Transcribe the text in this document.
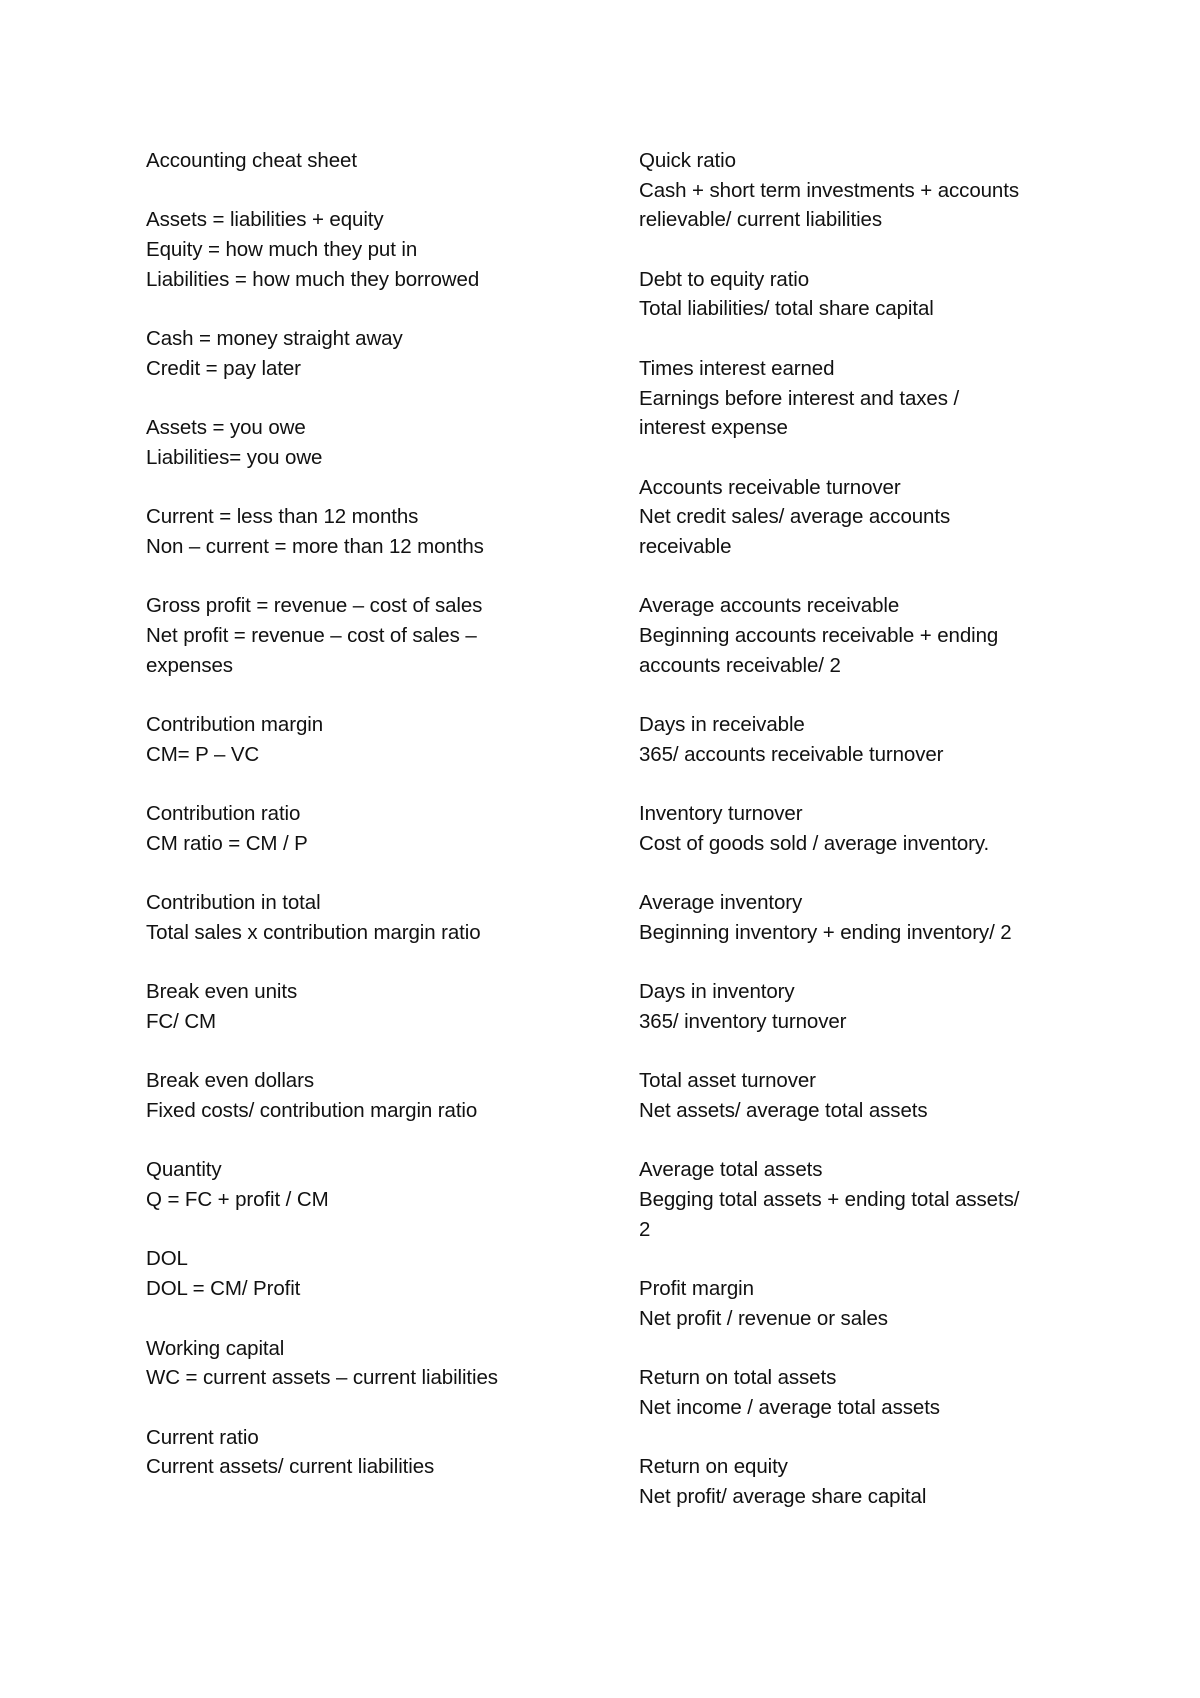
Accounting cheat sheet
Assets = liabilities + equity
Equity = how much they put in
Liabilities = how much they borrowed
Cash = money straight away
Credit = pay later
Assets = you owe
Liabilities= you owe
Current = less than 12 months
Non – current = more than 12 months
Gross profit = revenue – cost of sales
Net profit = revenue – cost of sales –
expenses
Contribution margin
CM= P – VC
Contribution ratio
CM ratio = CM / P
Contribution in total
Total sales x contribution margin ratio
Break even units
FC/ CM
Break even dollars
Fixed costs/ contribution margin ratio
Quantity
Q = FC + profit / CM
DOL
DOL = CM/ Profit
Working capital
WC = current assets – current liabilities
Current ratio
Current assets/ current liabilities
Quick ratio
Cash + short term investments + accounts
relievable/ current liabilities
Debt to equity ratio
Total liabilities/ total share capital
Times interest earned
Earnings before interest and taxes /
interest expense
Accounts receivable turnover
Net credit sales/ average accounts
receivable
Average accounts receivable
Beginning accounts receivable + ending
accounts receivable/ 2
Days in receivable
365/ accounts receivable turnover
Inventory turnover
Cost of goods sold / average inventory.
Average inventory
Beginning inventory + ending inventory/ 2
Days in inventory
365/ inventory turnover
Total asset turnover
Net assets/ average total assets
Average total assets
Begging total assets + ending total assets/
2
Profit margin
Net profit / revenue or sales
Return on total assets
Net income / average total assets
Return on equity
Net profit/ average share capital
